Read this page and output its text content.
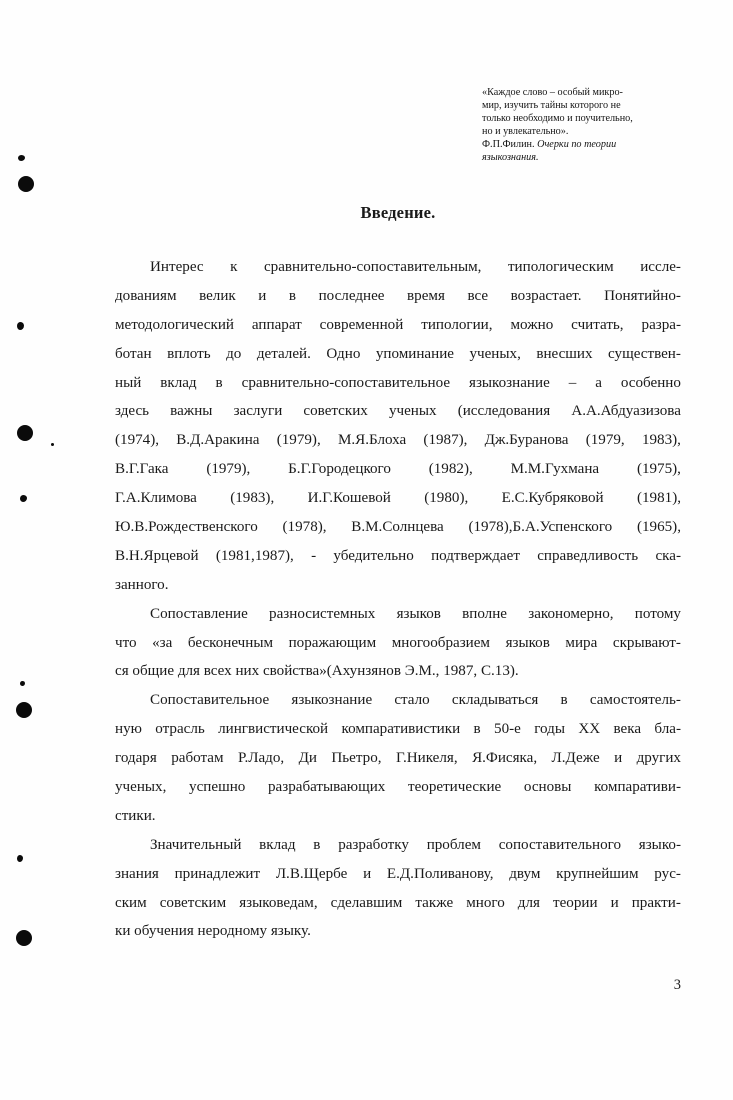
«Каждое слово – особый микро-
мир, изучить тайны которого не
только необходимо и поучительно,
но и увлекательно».
Ф.П.Филин. Очерки по теории
языкознания.
Введение.
Интерес к сравнительно-сопоставительным, типологическим иссле-
дованиям велик и в последнее время все возрастает. Понятийно-
методологический аппарат современной типологии, можно считать, разра-
ботан вплоть до деталей. Одно упоминание ученых, внесших существен-
ный вклад в сравнительно-сопоставительное языкознание – а особенно
здесь важны заслуги советских ученых (исследования А.А.Абдуазизова
(1974), В.Д.Аракина (1979), М.Я.Блоха (1987), Дж.Буранова (1979, 1983),
В.Г.Гака	(1979),	Б.Г.Городецкого	(1982),	М.М.Гухмана	(1975),
Г.А.Климова (1983), И.Г.Кошевой (1980), Е.С.Кубряковой (1981),
Ю.В.Рождественского (1978), В.М.Солнцева (1978),Б.А.Успенского (1965),
В.Н.Ярцевой (1981,1987), - убедительно подтверждает справедливость ска-
занного.
Сопоставление разносистемных языков вполне закономерно, потому
что «за бесконечным поражающим многообразием языков мира скрывают-
ся общие для всех них свойства»(Ахунзянов Э.М., 1987, С.13).
Сопоставительное языкознание стало складываться в самостоятель-
ную отрасль лингвистической компаративистики в 50-е годы XX века бла-
годаря работам Р.Ладо, Ди Пьетро, Г.Никеля, Я.Фисяка, Л.Деже и других
ученых, успешно разрабатывающих теоретические основы компаративи-
стики.
Значительный вклад в разработку проблем сопоставительного языко-
знания принадлежит Л.В.Щербе и Е.Д.Поливанову, двум крупнейшим рус-
ским советским языковедам, сделавшим также много для теории и практи-
ки обучения неродному языку.
3
